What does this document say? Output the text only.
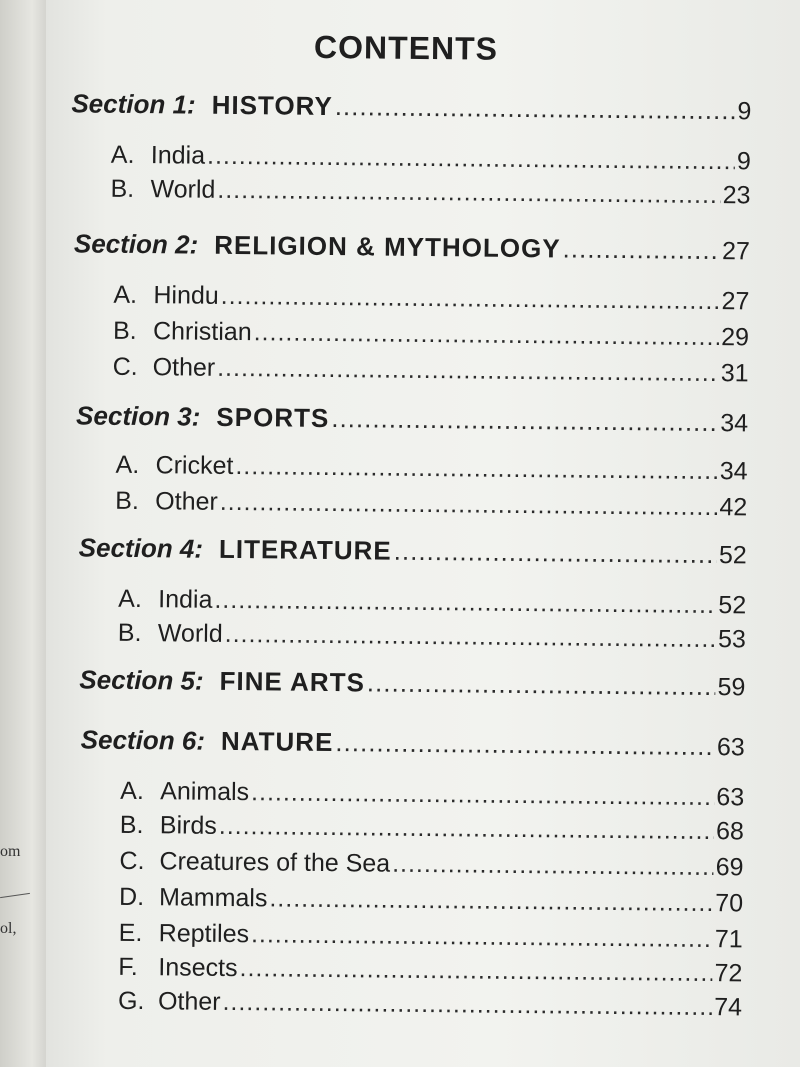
om
ol,
CONTENTS
Section 1: HISTORY .....	9
A. India .....	9
B. World .....	23
Section 2: RELIGION & MYTHOLOGY .....	27
A. Hindu .....	27
B. Christian .....	29
C. Other .....	31
Section 3: SPORTS .....	34
A. Cricket .....	34
B. Other .....	42
Section 4: LITERATURE .....	52
A. India .....	52
B. World .....	53
Section 5: FINE ARTS .....	59
Section 6: NATURE .....	63
A. Animals .....	63
B. Birds .....	68
C. Creatures of the Sea .....	69
D. Mammals .....	70
E. Reptiles .....	71
F. Insects .....	72
G. Other .....	74
